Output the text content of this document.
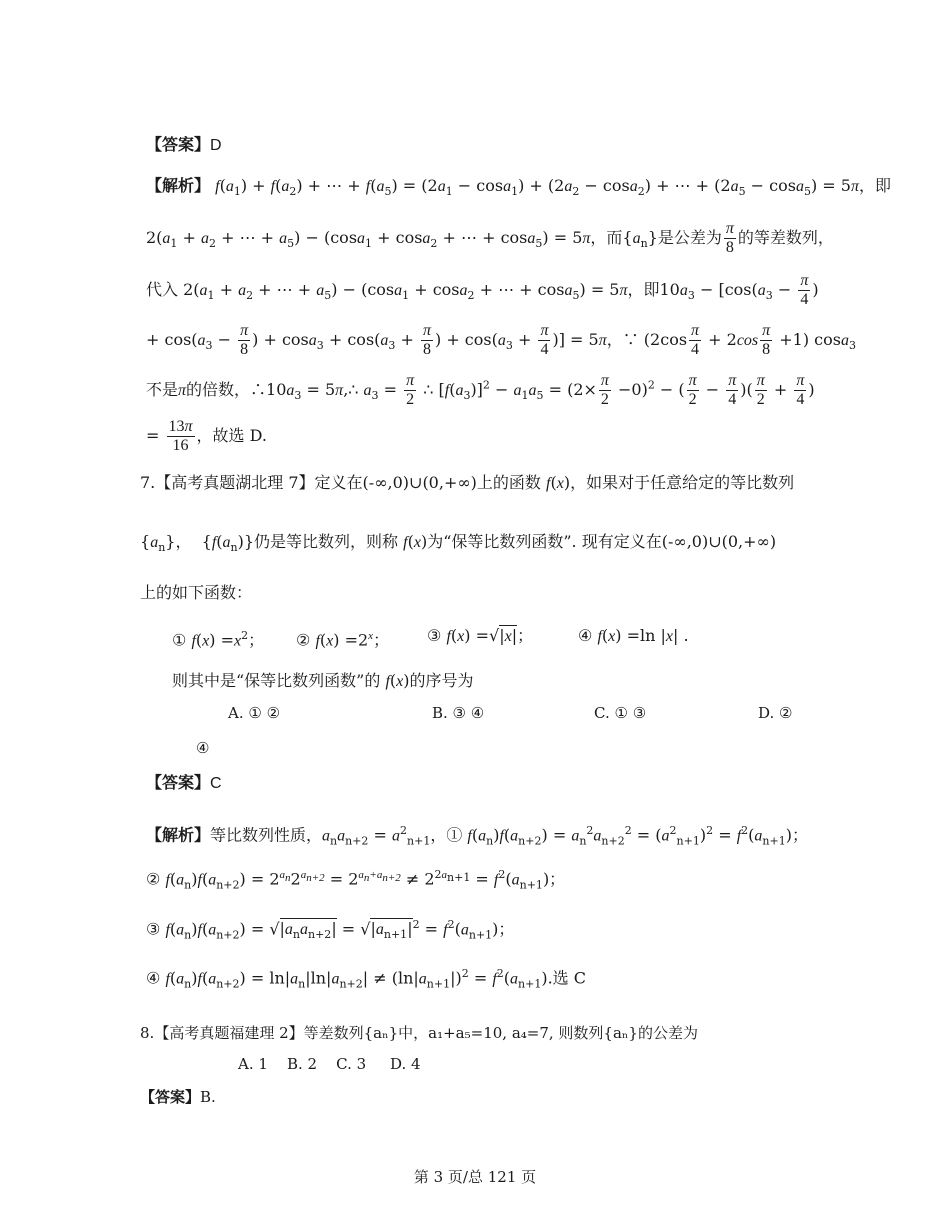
【答案】D
【解析】 $f(a_1) + f(a_2)$ + ⋯ + $f(a_5) = (2a_1 - \cos a_1) + (2a_2 - \cos a_2)$ + ⋯ + $(2a_5 - \cos a_5) = 5\pi$，即
$2(a_1 + a_2$ + ⋯ + $a_5) - (\cos a_1 + \cos a_2$ + ⋯ + cosa$_5$) = 5π，而$\{a_n\}$是公差为 $\frac{\pi}{8}$ 的等差数列，
代入 $2(a_1 + a_2$ + ⋯ + $a_5) - (\cos a_1 + \cos a_2$ + ⋯ + cosa$_5$) = 5π，即$10a_3 - [\cos(a_3 - \frac{\pi}{4}$ )
+ $\cos(a_3 - \frac{\pi}{8}$ ) + $\cos a_3 + \cos(a_3 + \frac{\pi}{8}$ ) + $\cos(a_3 + \frac{\pi}{4}$ )] = 5π，∵ $(2\cos \frac{\pi}{4} + 2\cos \frac{\pi}{8} +1)$ cosa$_3$
不是π的倍数，$\therefore 10a_3$ = 5π,∴ $a_3 = \frac{\pi}{2}$ ∴ $[f(a_3)]^2 - a_1a_5 = (2\times \frac{\pi}{2} -0)^2$ − ( $\frac{\pi}{2} - \frac{\pi}{4}$ )( $\frac{\pi}{2} + \frac{\pi}{4}$ )
= $\frac{13\pi}{16}$ ，故选 D.
7.【高考真题湖北理 7】定义在(-∞,0)∪(0,+∞)上的函数 f(x)，如果对于任意给定的等比数列
$\{a_n\}$，  $\{f(a_n)\}$仍是等比数列，则称 f(x)为“保等比数列函数”. 现有定义在(-∞,0)∪(0,+∞)
上的如下函数：
① $f(x) =x^2$； ② $f(x) =2^x$； ③ f(x) =√|x|；	④ f(x) =ln |x| .
则其中是“保等比数列函数”的 f(x)的序号为
A. ① ②	B. ③ ④	C. ① ③	D. ②
④
【答案】C
【解析】等比数列性质，$a_na_{n+2} = a^2_{n+1}$，① $f(a_n)f(a_{n+2}) = a_n^2a_{n+2}^2 = (a^2_{n+1})^2 = f^2(a_{n+1})$；
② $f(a_n)f(a_{n+2}) = 2^{a_n}2^{a_{n+2}} = 2^{a_n+a_{n+2}} \ne 2^{2a_{n+1}} = f^2(a_{n+1})$；
③ $f(a_n)f(a_{n+2}) = √|a_na_{n+2}| = √|a_{n+1}|^2 = f^2(a_{n+1})$；
④ $f(a_n)f(a_{n+2}) = \ln|a_n|\ln|a_{n+2}| \ne (\ln|a_{n+1}|)^2 = f^2(a_{n+1})$.选 C
8.【高考真题福建理 2】等差数列{aₙ}中，a₁+a₅=10, a₄=7, 则数列{aₙ}的公差为
A. 1    B. 2    C. 3     D. 4
【答案】B.
第 3 页/总 121 页
